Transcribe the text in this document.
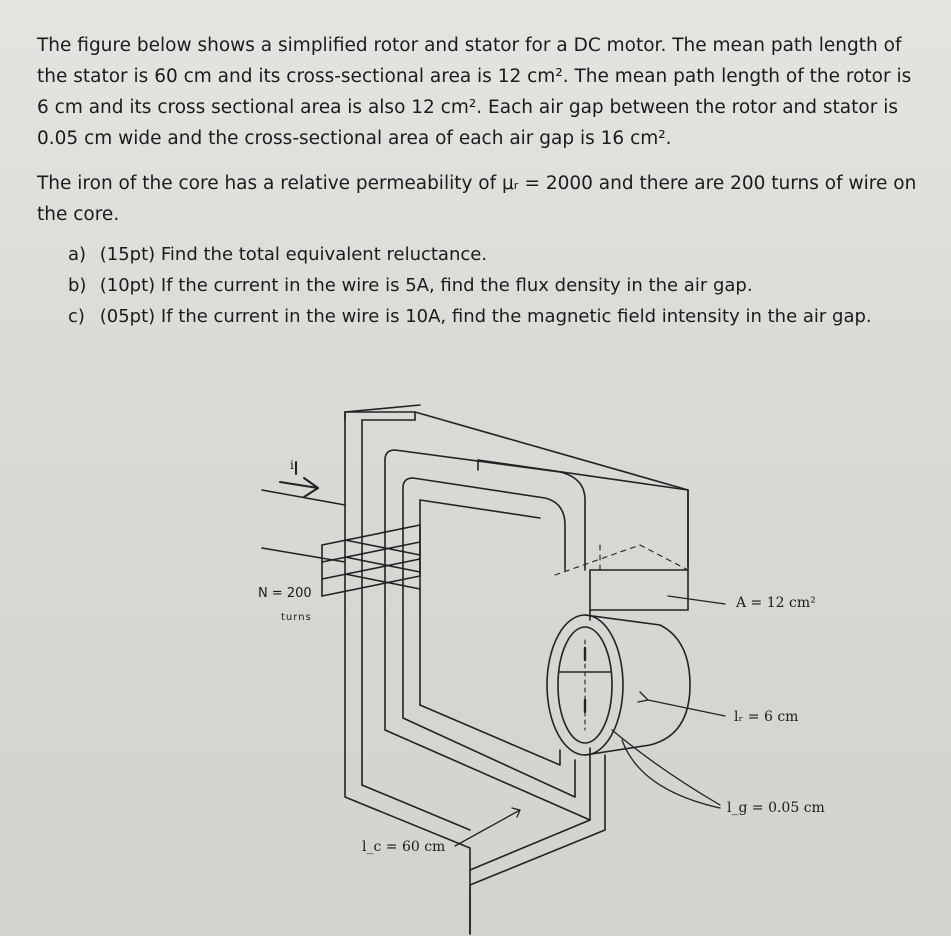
The figure below shows a simplified rotor and stator for a DC motor. The mean path length of
the stator is 60 cm and its cross-sectional area is 12 cm². The mean path length of the rotor is
6 cm and its cross sectional area is also 12 cm². Each air gap between the rotor and stator is
0.05 cm wide and the cross-sectional area of each air gap is 16 cm².
The iron of the core has a relative permeability of μᵣ = 2000 and there are 200 turns of wire on
the core.
a) (15pt) Find the total equivalent reluctance.
b) (10pt) If the current in the wire is 5A, find the flux density in the air gap.
c) (05pt) If the current in the wire is 10A, find the magnetic field intensity in the air gap.
N = 200
turns
i
A = 12 cm²
lᵣ = 6 cm
l_g = 0.05 cm
l_c = 60 cm
